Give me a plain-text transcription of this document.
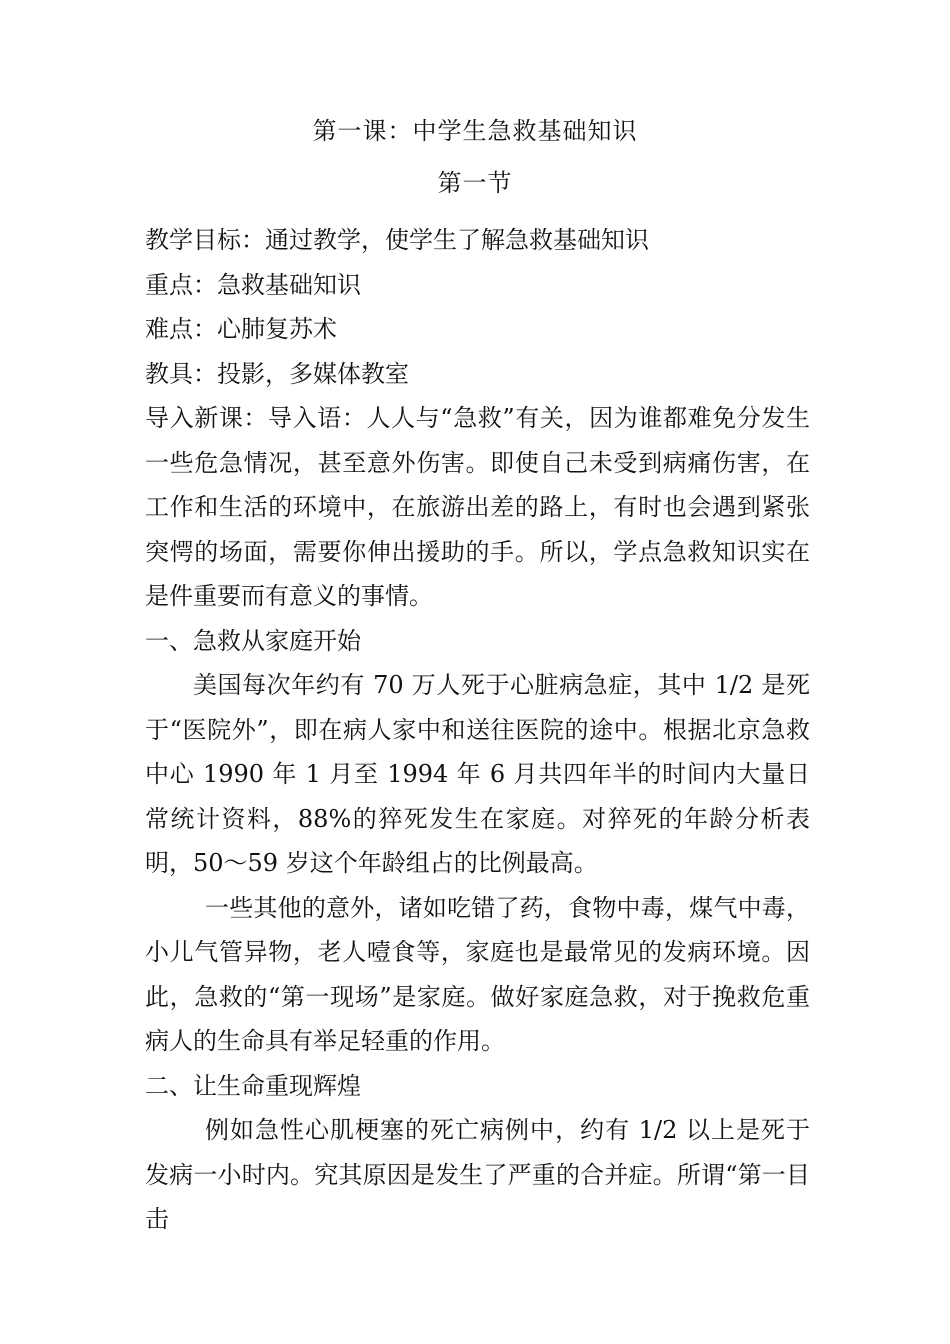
第一课：中学生急救基础知识
第一节

教学目标：通过教学，使学生了解急救基础知识

重点：急救基础知识

难点：心肺复苏术

教具：投影，多媒体教室

导入新课：导入语：人人与“急救”有关，因为谁都难免分发生一些危急情况，甚至意外伤害。即使自己未受到病痛伤害，在工作和生活的环境中，在旅游出差的路上，有时也会遇到紧张突愕的场面，需要你伸出援助的手。所以，学点急救知识实在是件重要而有意义的事情。

一、急救从家庭开始

美国每次年约有 70 万人死于心脏病急症，其中 1/2 是死于“医院外”，即在病人家中和送往医院的途中。根据北京急救中心 1990 年 1 月至 1994 年 6 月共四年半的时间内大量日常统计资料，88%的猝死发生在家庭。对猝死的年龄分析表明，50～59 岁这个年龄组占的比例最高。

一些其他的意外，诸如吃错了药，食物中毒，煤气中毒，小儿气管异物，老人噎食等，家庭也是最常见的发病环境。因此，急救的“第一现场”是家庭。做好家庭急救，对于挽救危重病人的生命具有举足轻重的作用。

二、让生命重现辉煌

例如急性心肌梗塞的死亡病例中，约有 1/2 以上是死于发病一小时内。究其原因是发生了严重的合并症。所谓“第一目击
